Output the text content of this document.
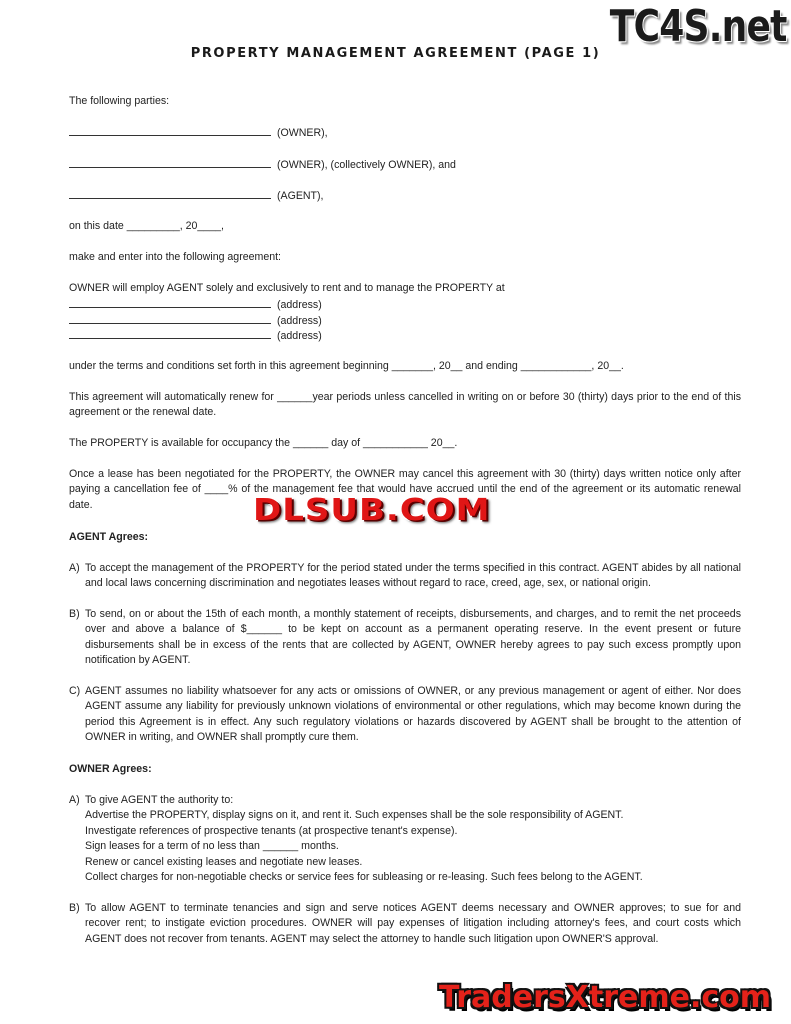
TC4S.net
PROPERTY MANAGEMENT AGREEMENT (PAGE 1)
The following parties:
(OWNER),
(OWNER), (collectively OWNER), and
(AGENT),
on this date _________, 20____,
make and enter into the following agreement:
OWNER will employ AGENT solely and exclusively to rent and to manage the PROPERTY at
(address)
(address)
(address)
under the terms and conditions set forth in this agreement beginning _______, 20__ and ending ____________, 20__.
This agreement will automatically renew for ______year periods unless cancelled in writing on or before 30 (thirty) days prior to the end of this agreement or the renewal date.
The PROPERTY is available for occupancy the ______ day of ___________ 20__.
Once a lease has been negotiated for the PROPERTY, the OWNER may cancel this agreement with 30 (thirty) days written notice only after paying a cancellation fee of ____% of the management fee that would have accrued until the end of the agreement or its automatic renewal date.	DLSUB.COM
AGENT Agrees:
A) To accept the management of the PROPERTY for the period stated under the terms specified in this contract. AGENT abides by all national and local laws concerning discrimination and negotiates leases without regard to race, creed, age, sex, or national origin.
B) To send, on or about the 15th of each month, a monthly statement of receipts, disbursements, and charges, and to remit the net proceeds over and above a balance of $______ to be kept on account as a permanent operating reserve. In the event present or future disbursements shall be in excess of the rents that are collected by AGENT, OWNER hereby agrees to pay such excess promptly upon notification by AGENT.
C) AGENT assumes no liability whatsoever for any acts or omissions of OWNER, or any previous management or agent of either. Nor does AGENT assume any liability for previously unknown violations of environmental or other regulations, which may become known during the period this Agreement is in effect. Any such regulatory violations or hazards discovered by AGENT shall be brought to the attention of OWNER in writing, and OWNER shall promptly cure them.
OWNER Agrees:
A) To give AGENT the authority to:
Advertise the PROPERTY, display signs on it, and rent it. Such expenses shall be the sole responsibility of AGENT.
Investigate references of prospective tenants (at prospective tenant's expense).
Sign leases for a term of no less than ______ months.
Renew or cancel existing leases and negotiate new leases.
Collect charges for non-negotiable checks or service fees for subleasing or re-leasing. Such fees belong to the AGENT.
B) To allow AGENT to terminate tenancies and sign and serve notices AGENT deems necessary and OWNER approves; to sue for and recover rent; to instigate eviction procedures. OWNER will pay expenses of litigation including attorney's fees, and court costs which AGENT does not recover from tenants. AGENT may select the attorney to handle such litigation upon OWNER'S approval.
TradersXtreme.com
